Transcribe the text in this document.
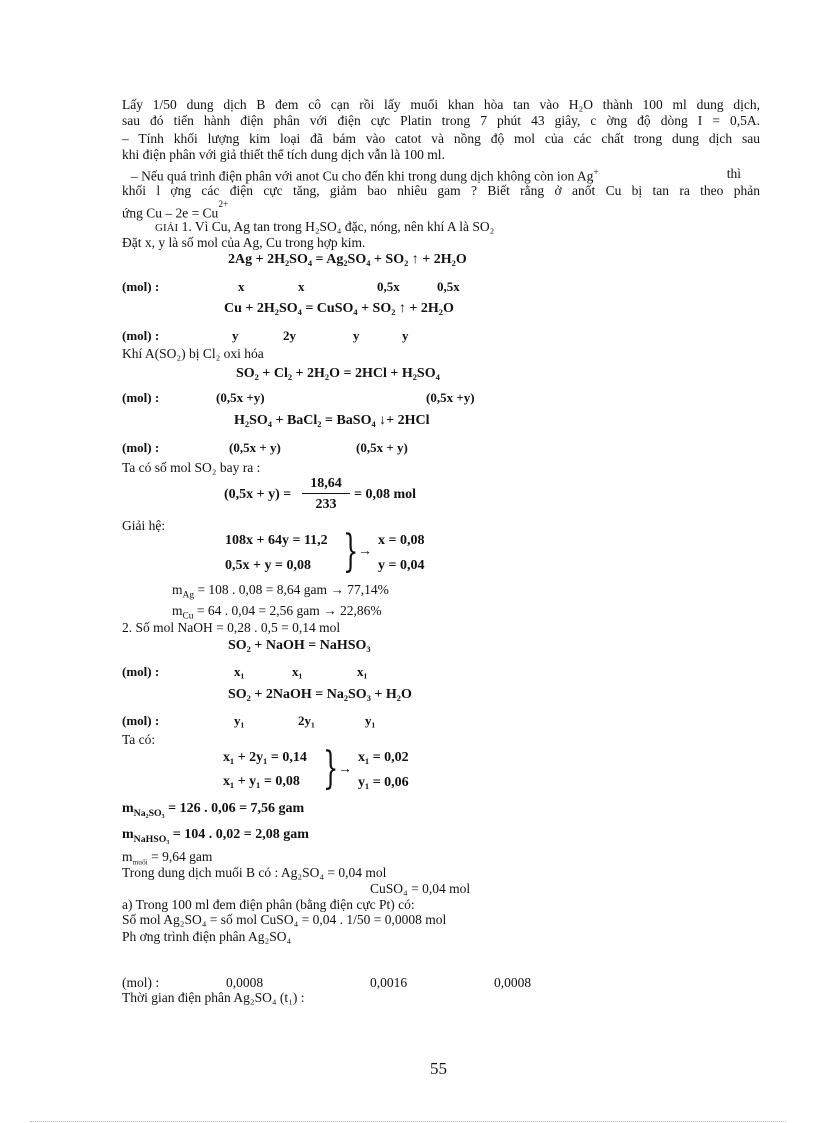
Lấy 1/50 dung dịch B đem cô cạn rồi lấy muối khan hòa tan vào H₂O thành 100 ml dung dịch,
sau đó tiến hành điện phân với điện cực Platin trong 7 phút 43 giây, c ờng độ dòng I = 0,5A.
– Tính khối lượng kim loại đã bám vào catot và nồng độ mol của các chất trong dung dịch sau
khi điện phân với giả thiết thể tích dung dịch vẫn là 100 ml.
– Nếu quá trình điện phân với anot Cu cho đến khi trong dung dịch không còn ion Ag+	thì
khối l ợng các điện cực tăng, giảm bao nhiêu gam ? Biết rằng ở anốt Cu bị tan ra theo phản
ứng $Cu - 2e = Cu^{2+}$
GIẢI 1. Vì Cu, Ag tan trong H₂SO₄ đặc, nóng, nên khí A là SO₂
Đặt x, y là số mol của Ag, Cu trong hợp kim.
2Ag + 2H₂SO₄ = Ag₂SO₄ + SO₂ ↑ + 2H₂O
(mol) :	x	x	0,5x	0,5x
Cu + 2H₂SO₄ = CuSO₄ + SO₂ ↑ + 2H₂O
(mol) :	y	2y	y	y
Khí A(SO₂) bị Cl₂ oxi hóa
SO₂ + Cl₂ + 2H₂O = 2HCl + H₂SO₄
(mol) :	(0,5x +y)	(0,5x +y)
H₂SO₄ + BaCl₂ = BaSO₄ ↓+ 2HCl
(mol) :	(0,5x + y)	(0,5x + y)
Ta có số mol SO₂ bay ra :
$(0,5x + y) = \frac{18,64}{233} = 0,08$ mol
Giải hệ:
108x + 64y = 11,2
0,5x + y = 0,08 } →
x = 0,08
y = 0,04
$m_{Ag} = 108$ . 0,08 = 8,64 gam → 77,14%
$m_{Cu} = 64$ . 0,04 = 2,56 gam → 22,86%
2. Số mol NaOH = 0,28 . 0,5 = 0,14 mol
SO₂ + NaOH = NaHSO₃
(mol) :	x₁	x₁	x₁
SO₂ + 2NaOH = Na₂SO₃ + H₂O
(mol) :	y₁	2y₁	y₁
Ta có:
x₁ + 2y₁ = 0,14
x₁ + y₁ = 0,08 } →
x₁ = 0,02
y₁ = 0,06
$m_{Na_2SO_3} = 126$ . 0,06 = 7,56 gam
$m_{NaHSO_3} = 104$ . 0,02 = 2,08 gam
$m_{muối} = 9,64$ gam
Trong dung dịch muối B có : Ag₂SO₄ = 0,04 mol
CuSO₄ = 0,04 mol
a) Trong 100 ml đem điện phân (bằng điện cực Pt) có:
Số mol Ag₂SO₄ = số mol CuSO₄ = 0,04 . 1/50 = 0,0008 mol
Ph ơng trình điện phân Ag₂SO₄
(mol) :	0,0008	0,0016	0,0008
Thời gian điện phân Ag₂SO₄ (t₁) :
55
